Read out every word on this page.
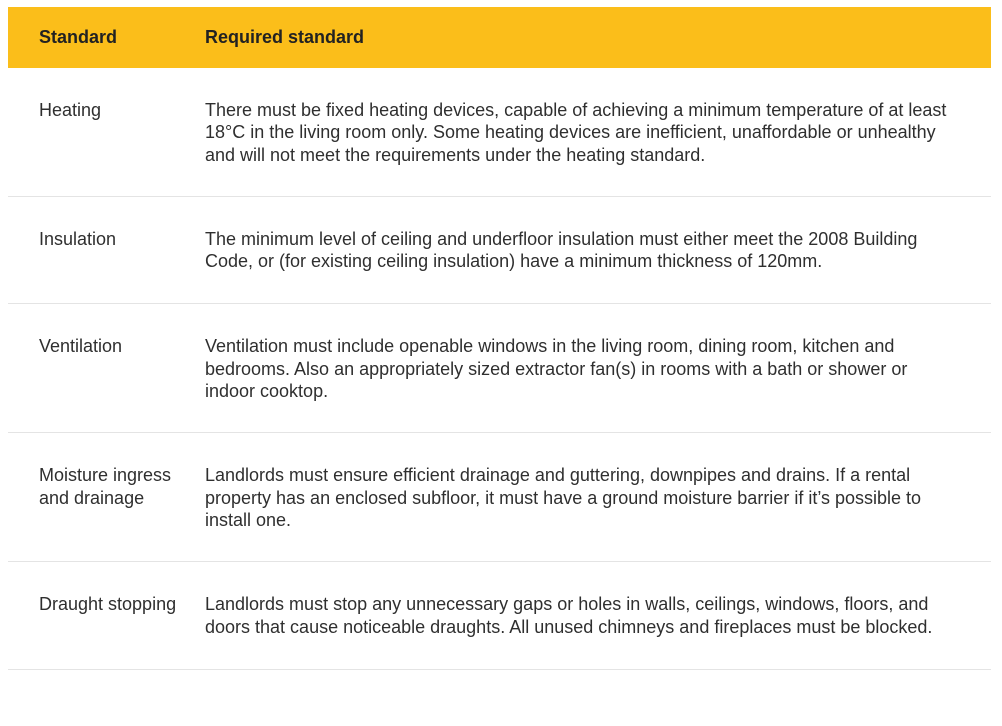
Standard	Required standard
Heating	There must be fixed heating devices, capable of achieving a minimum temperature of at least 18°C in the living room only. Some heating devices are inefficient, unaffordable or unhealthy and will not meet the requirements under the heating standard.
Insulation	The minimum level of ceiling and underfloor insulation must either meet the 2008 Building Code, or (for existing ceiling insulation) have a minimum thickness of 120mm.
Ventilation	Ventilation must include openable windows in the living room, dining room, kitchen and bedrooms. Also an appropriately sized extractor fan(s) in rooms with a bath or shower or indoor cooktop.
Moisture ingress and drainage	Landlords must ensure efficient drainage and guttering, downpipes and drains. If a rental property has an enclosed subfloor, it must have a ground moisture barrier if it’s possible to install one.
Draught stopping	Landlords must stop any unnecessary gaps or holes in walls, ceilings, windows, floors, and doors that cause noticeable draughts. All unused chimneys and fireplaces must be blocked.
